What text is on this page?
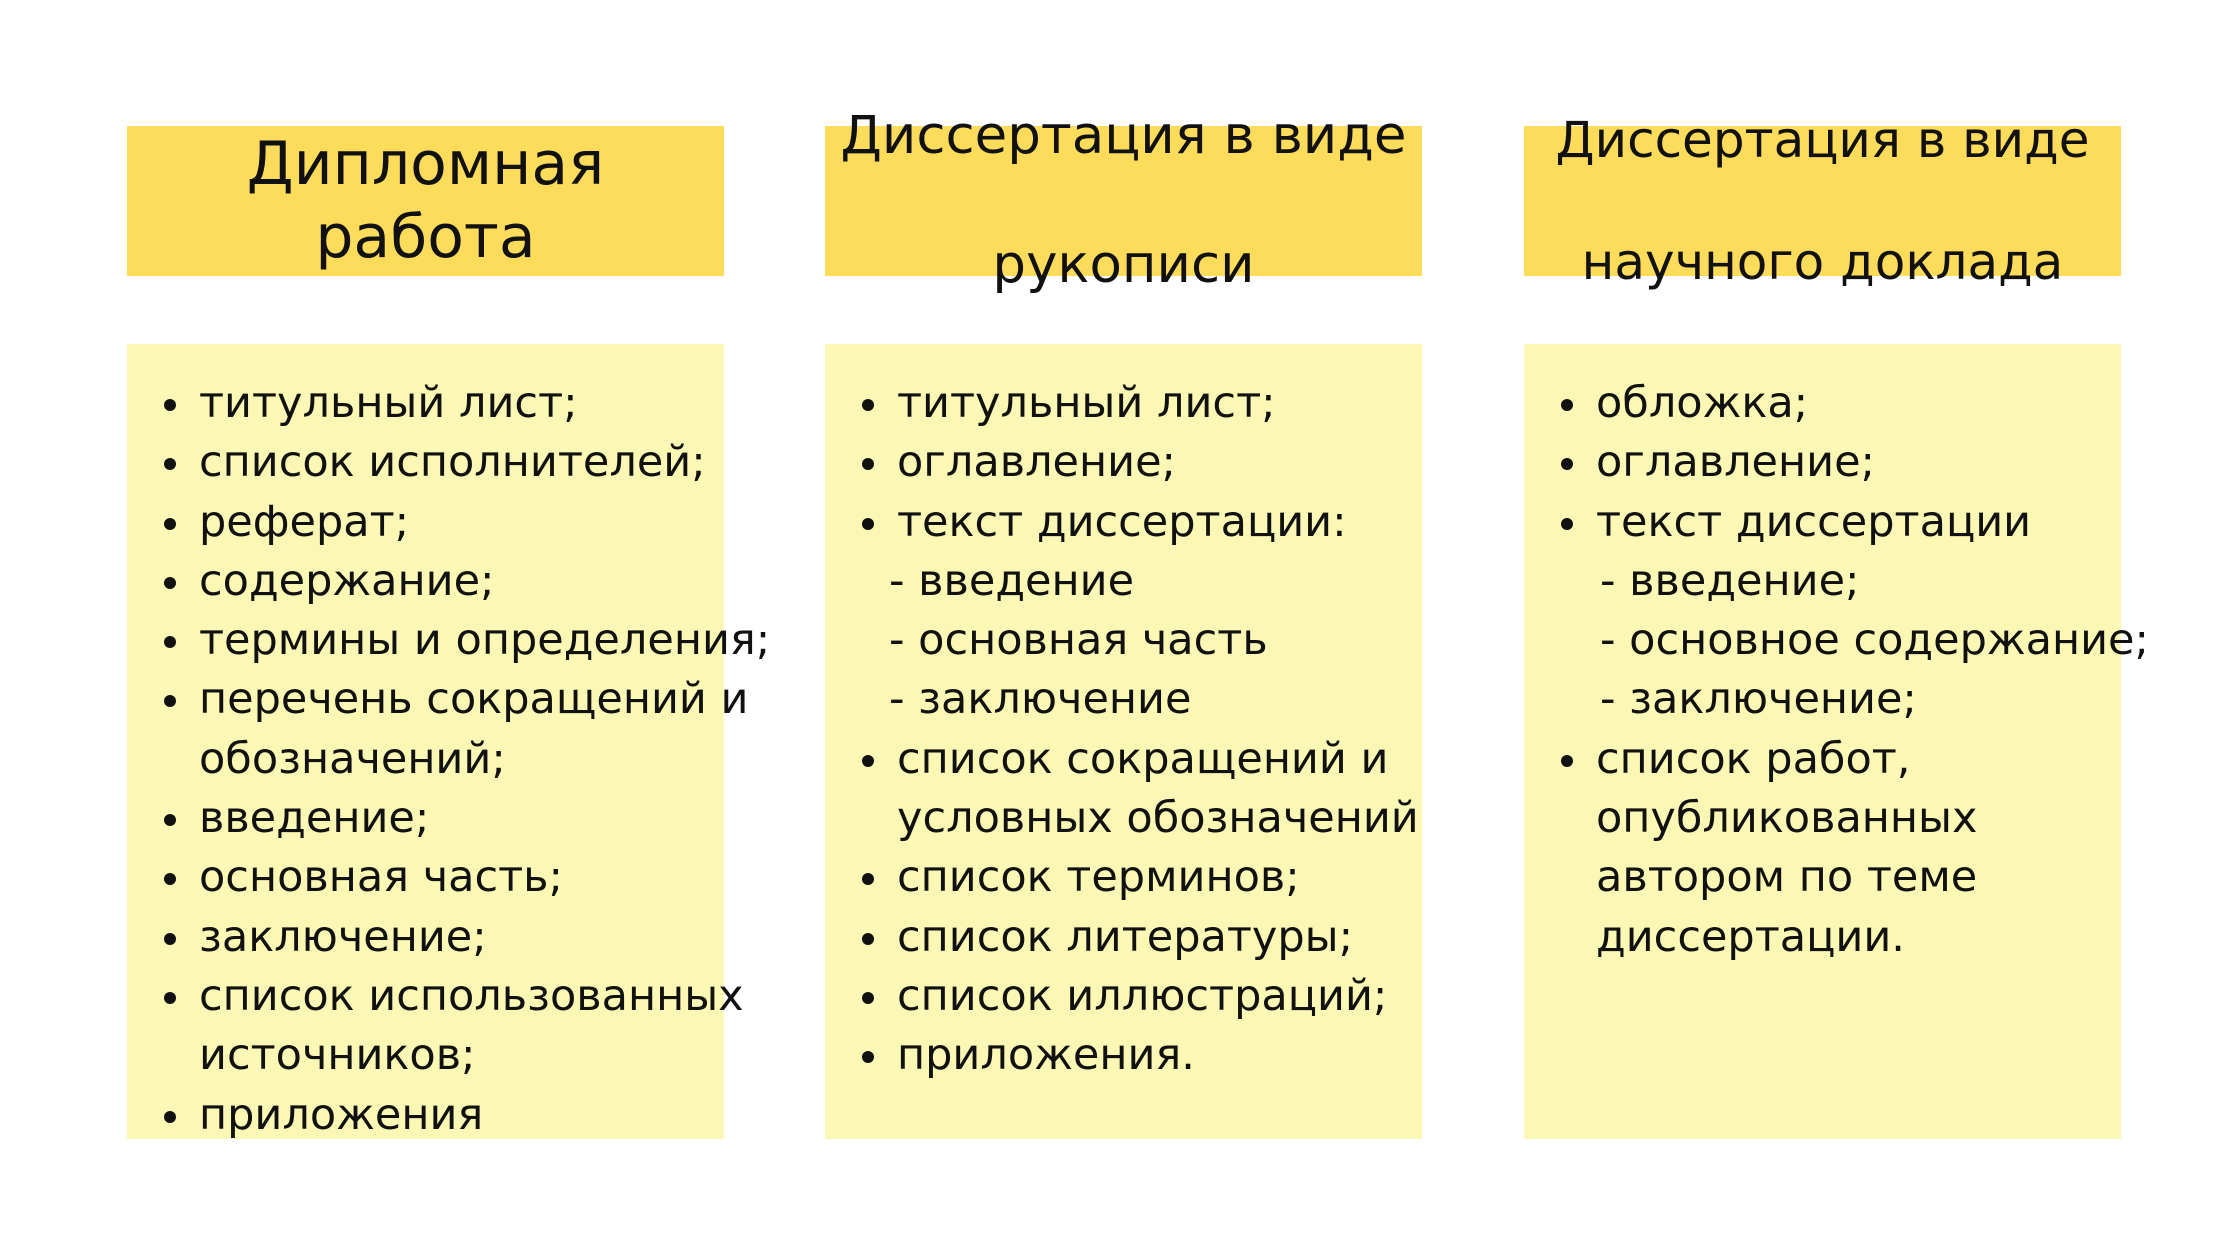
Дипломная работа
титульный лист;
список исполнителей;
реферат;
содержание;
термины и определения;
перечень сокращений и
обозначений;
введение;
основная часть;
заключение;
список использованных
источников;
приложения
Диссертация в виде

рукописи
титульный лист;
оглавление;
текст диссертации:
- введение
- основная часть
- заключение
список сокращений и
условных обозначений
список терминов;
список литературы;
список иллюстраций;
приложения.
Диссертация в виде

научного доклада
обложка;
оглавление;
текст диссертации
- введение;
- основное содержание;
- заключение;
список работ,
опубликованных
автором по теме
диссертации.
